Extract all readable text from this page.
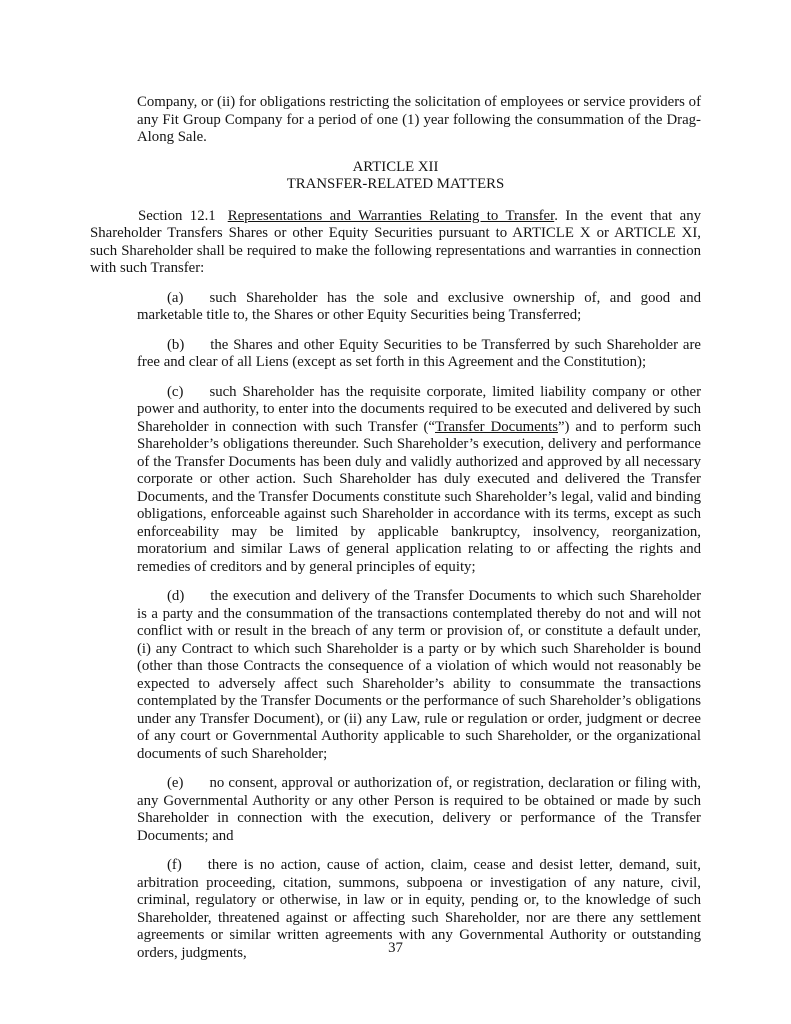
Company, or (ii) for obligations restricting the solicitation of employees or service providers of any Fit Group Company for a period of one (1) year following the consummation of the Drag-Along Sale.

ARTICLE XII
TRANSFER-RELATED MATTERS

Section 12.1 Representations and Warranties Relating to Transfer. In the event that any Shareholder Transfers Shares or other Equity Securities pursuant to ARTICLE X or ARTICLE XI, such Shareholder shall be required to make the following representations and warranties in connection with such Transfer:

(a) such Shareholder has the sole and exclusive ownership of, and good and marketable title to, the Shares or other Equity Securities being Transferred;

(b) the Shares and other Equity Securities to be Transferred by such Shareholder are free and clear of all Liens (except as set forth in this Agreement and the Constitution);

(c) such Shareholder has the requisite corporate, limited liability company or other power and authority, to enter into the documents required to be executed and delivered by such Shareholder in connection with such Transfer (“Transfer Documents”) and to perform such Shareholder’s obligations thereunder. Such Shareholder’s execution, delivery and performance of the Transfer Documents has been duly and validly authorized and approved by all necessary corporate or other action. Such Shareholder has duly executed and delivered the Transfer Documents, and the Transfer Documents constitute such Shareholder’s legal, valid and binding obligations, enforceable against such Shareholder in accordance with its terms, except as such enforceability may be limited by applicable bankruptcy, insolvency, reorganization, moratorium and similar Laws of general application relating to or affecting the rights and remedies of creditors and by general principles of equity;

(d) the execution and delivery of the Transfer Documents to which such Shareholder is a party and the consummation of the transactions contemplated thereby do not and will not conflict with or result in the breach of any term or provision of, or constitute a default under, (i) any Contract to which such Shareholder is a party or by which such Shareholder is bound (other than those Contracts the consequence of a violation of which would not reasonably be expected to adversely affect such Shareholder’s ability to consummate the transactions contemplated by the Transfer Documents or the performance of such Shareholder’s obligations under any Transfer Document), or (ii) any Law, rule or regulation or order, judgment or decree of any court or Governmental Authority applicable to such Shareholder, or the organizational documents of such Shareholder;

(e) no consent, approval or authorization of, or registration, declaration or filing with, any Governmental Authority or any other Person is required to be obtained or made by such Shareholder in connection with the execution, delivery or performance of the Transfer Documents; and

(f) there is no action, cause of action, claim, cease and desist letter, demand, suit, arbitration proceeding, citation, summons, subpoena or investigation of any nature, civil, criminal, regulatory or otherwise, in law or in equity, pending or, to the knowledge of such Shareholder, threatened against or affecting such Shareholder, nor are there any settlement agreements or similar written agreements with any Governmental Authority or outstanding orders, judgments,	37
